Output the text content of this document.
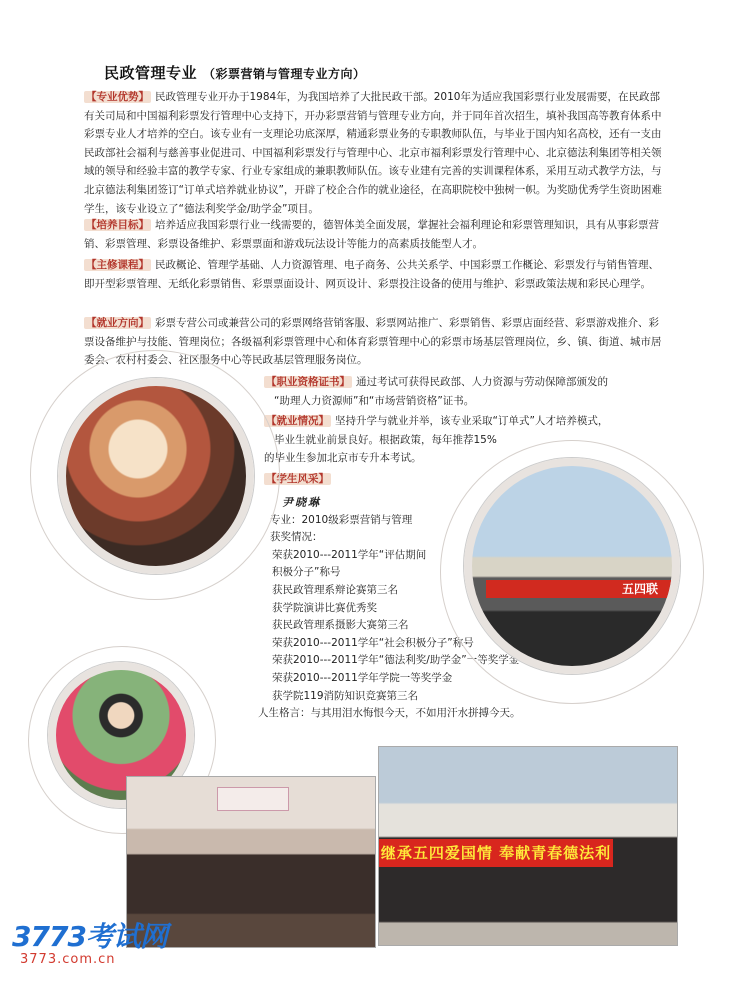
民政管理专业 （彩票营销与管理专业方向）
【专业优势】 民政管理专业开办于1984年，为我国培养了大批民政干部。2010年为适应我国彩票行业发展需要，在民政部有关司局和中国福利彩票发行管理中心支持下，开办彩票营销与管理专业方向，并于同年首次招生，填补我国高等教育体系中彩票专业人才培养的空白。该专业有一支理论功底深厚，精通彩票业务的专职教师队伍，与毕业于国内知名高校，还有一支由民政部社会福利与慈善事业促进司、中国福利彩票发行与管理中心、北京市福利彩票发行管理中心、北京德法利集团等相关领域的领导和经验丰富的教学专家、行业专家组成的兼职教师队伍。该专业建有完善的实训课程体系，采用互动式教学方法，与北京德法利集团签订“订单式培养就业协议”，开辟了校企合作的就业途径，在高职院校中独树一帜。为奖励优秀学生资助困难学生，该专业设立了“德法利奖学金/助学金”项目。
【培养目标】 培养适应我国彩票行业一线需要的，德智体美全面发展，掌握社会福利理论和彩票管理知识，具有从事彩票营销、彩票管理、彩票设备维护、彩票票面和游戏玩法设计等能力的高素质技能型人才。
【主修课程】 民政概论、管理学基础、人力资源管理、电子商务、公共关系学、中国彩票工作概论、彩票发行与销售管理、即开型彩票管理、无纸化彩票销售、彩票票面设计、网页设计、彩票投注设备的使用与维护、彩票政策法规和彩民心理学。
【就业方向】 彩票专营公司或兼营公司的彩票网络营销客服、彩票网站推广、彩票销售、彩票店面经营、彩票游戏推介、彩票设备维护与技能、管理岗位；各级福利彩票管理中心和体育彩票管理中心的彩票市场基层管理岗位，乡、镇、街道、城市居委会、农村村委会、社区服务中心等民政基层管理服务岗位。
【职业资格证书】 通过考试可获得民政部、人力资源与劳动保障部颁发的
“助理人力资源师”和“市场营销资格”证书。
【就业情况】 坚持升学与就业并举，该专业采取“订单式”人才培养模式，
毕业生就业前景良好。根据政策，每年推荐15%
的毕业生参加北京市专升本考试。
【学生风采】
尹晓琳
专业：2010级彩票营销与管理
获奖情况：
荣获2010---2011学年“评估期间
积极分子”称号
获民政管理系辩论赛第三名
获学院演讲比赛优秀奖
获民政管理系摄影大赛第三名
荣获2010---2011学年“社会积极分子”称号
荣获2010---2011学年“德法利奖/助学金”一等奖学金
荣获2010---2011学年学院一等奖学金
获学院119消防知识竞赛第三名
人生格言：与其用泪水悔恨今天，不如用汗水拼搏今天。
五四联
继承五四爱国情 奉献青春德法利
3773考试网
3773.com.cn
